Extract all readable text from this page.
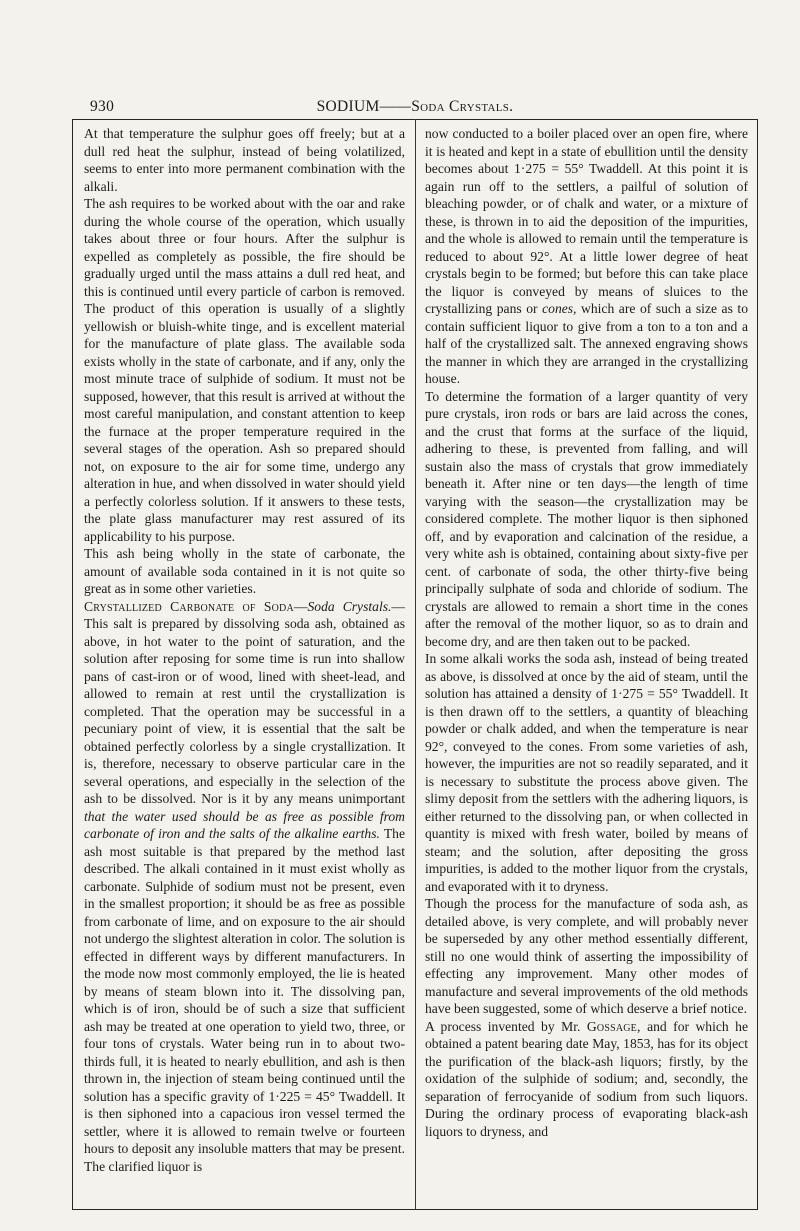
930	SODIUM——Soda Crystals.

At that temperature the sulphur goes off freely; but at a dull red heat the sulphur, instead of being volatilized, seems to enter into more permanent combination with the alkali.

The ash requires to be worked about with the oar and rake during the whole course of the operation, which usually takes about three or four hours. After the sulphur is expelled as completely as possible, the fire should be gradually urged until the mass attains a dull red heat, and this is continued until every particle of carbon is removed. The product of this operation is usually of a slightly yellowish or bluish-white tinge, and is excellent material for the manufacture of plate glass. The available soda exists wholly in the state of carbonate, and if any, only the most minute trace of sulphide of sodium. It must not be supposed, however, that this result is arrived at without the most careful manipulation, and constant attention to keep the furnace at the proper temperature required in the several stages of the operation. Ash so prepared should not, on exposure to the air for some time, undergo any alteration in hue, and when dissolved in water should yield a perfectly colorless solution. If it answers to these tests, the plate glass manufacturer may rest assured of its applicability to his purpose.

This ash being wholly in the state of carbonate, the amount of available soda contained in it is not quite so great as in some other varieties.

Crystallized Carbonate of Soda—Soda Crystals.—This salt is prepared by dissolving soda ash, obtained as above, in hot water to the point of saturation, and the solution after reposing for some time is run into shallow pans of cast-iron or of wood, lined with sheet-lead, and allowed to remain at rest until the crystallization is completed. That the operation may be successful in a pecuniary point of view, it is essential that the salt be obtained perfectly colorless by a single crystallization. It is, therefore, necessary to observe particular care in the several operations, and especially in the selection of the ash to be dissolved. Nor is it by any means unimportant that the water used should be as free as possible from carbonate of iron and the salts of the alkaline earths. The ash most suitable is that prepared by the method last described. The alkali contained in it must exist wholly as carbonate. Sulphide of sodium must not be present, even in the smallest proportion; it should be as free as possible from carbonate of lime, and on exposure to the air should not undergo the slightest alteration in color. The solution is effected in different ways by different manufacturers. In the mode now most commonly employed, the lie is heated by means of steam blown into it. The dissolving pan, which is of iron, should be of such a size that sufficient ash may be treated at one operation to yield two, three, or four tons of crystals. Water being run in to about two-thirds full, it is heated to nearly ebullition, and ash is then thrown in, the injection of steam being continued until the solution has a specific gravity of 1·225 = 45° Twaddell. It is then siphoned into a capacious iron vessel termed the settler, where it is allowed to remain twelve or fourteen hours to deposit any insoluble matters that may be present. The clarified liquor is

now conducted to a boiler placed over an open fire, where it is heated and kept in a state of ebullition until the density becomes about 1·275 = 55° Twaddell. At this point it is again run off to the settlers, a pailful of solution of bleaching powder, or of chalk and water, or a mixture of these, is thrown in to aid the deposition of the impurities, and the whole is allowed to remain until the temperature is reduced to about 92°. At a little lower degree of heat crystals begin to be formed; but before this can take place the liquor is conveyed by means of sluices to the crystallizing pans or cones, which are of such a size as to contain sufficient liquor to give from a ton to a ton and a half of the crystallized salt. The annexed engraving shows the manner in which they are arranged in the crystallizing house.

To determine the formation of a larger quantity of very pure crystals, iron rods or bars are laid across the cones, and the crust that forms at the surface of the liquid, adhering to these, is prevented from falling, and will sustain also the mass of crystals that grow immediately beneath it. After nine or ten days—the length of time varying with the season—the crystallization may be considered complete. The mother liquor is then siphoned off, and by evaporation and calcination of the residue, a very white ash is obtained, containing about sixty-five per cent. of carbonate of soda, the other thirty-five being principally sulphate of soda and chloride of sodium. The crystals are allowed to remain a short time in the cones after the removal of the mother liquor, so as to drain and become dry, and are then taken out to be packed.

In some alkali works the soda ash, instead of being treated as above, is dissolved at once by the aid of steam, until the solution has attained a density of 1·275 = 55° Twaddell. It is then drawn off to the settlers, a quantity of bleaching powder or chalk added, and when the temperature is near 92°, conveyed to the cones. From some varieties of ash, however, the impurities are not so readily separated, and it is necessary to substitute the process above given. The slimy deposit from the settlers with the adhering liquors, is either returned to the dissolving pan, or when collected in quantity is mixed with fresh water, boiled by means of steam; and the solution, after depositing the gross impurities, is added to the mother liquor from the crystals, and evaporated with it to dryness.

Though the process for the manufacture of soda ash, as detailed above, is very complete, and will probably never be superseded by any other method essentially different, still no one would think of asserting the impossibility of effecting any improvement. Many other modes of manufacture and several improvements of the old methods have been suggested, some of which deserve a brief notice.

A process invented by Mr. Gossage, and for which he obtained a patent bearing date May, 1853, has for its object the purification of the black-ash liquors; firstly, by the oxidation of the sulphide of sodium; and, secondly, the separation of ferrocyanide of sodium from such liquors. During the ordinary process of evaporating black-ash liquors to dryness, and
